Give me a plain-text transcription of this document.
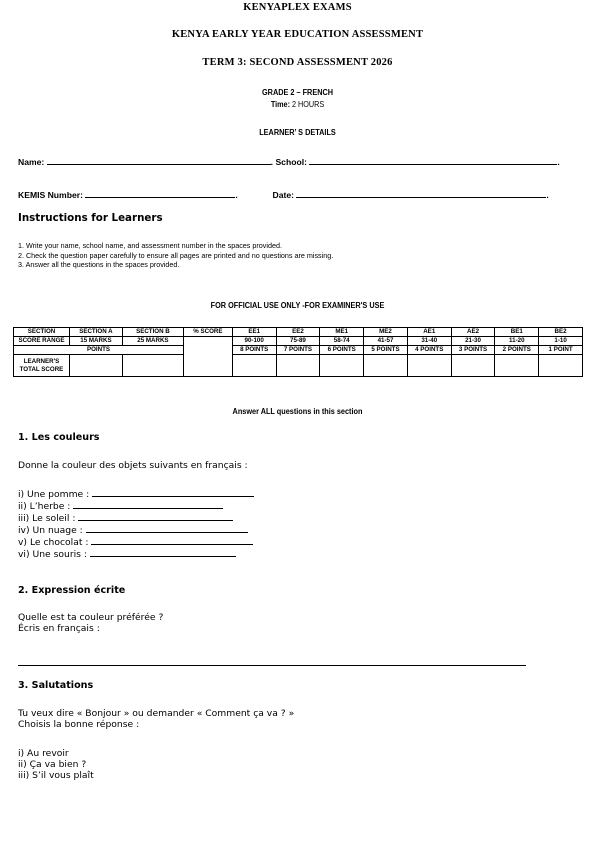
KENYAPLEX EXAMS
KENYA EARLY YEAR EDUCATION ASSESSMENT
TERM 3: SECOND ASSESSMENT 2026
GRADE 2 – FRENCH
Time: 2 HOURS
LEARNER’ S DETAILS
Name:	. School:	.
KEMIS Number:	.	Date:	.
Instructions for Learners
1. Write your name, school name, and assessment number in the spaces provided.
2. Check the question paper carefully to ensure all pages are printed and no questions are missing.
3. Answer all the questions in the spaces provided.
FOR OFFICIAL USE ONLY -FOR EXAMINER'S USE
SECTION	SECTION A	SECTION B	% SCORE	EE1	EE2	ME1	ME2	AE1	AE2	BE1	BE2
SCORE RANGE	15 MARKS	25 MARKS		90-100	75-89	58-74	41-57	31-40	21-30	11-20	1-10
POINTS				8 POINTS	7 POINTS	6 POINTS	5 POINTS	4 POINTS	3 POINTS	2 POINTS	1 POINT
LEARNER'S TOTAL SCORE											
Answer ALL questions in this section
1. Les couleurs
Donne la couleur des objets suivants en français :
i) Une pomme :
ii) L’herbe :
iii) Le soleil :
iv) Un nuage :
v) Le chocolat :
vi) Une souris :
2. Expression écrite
Quelle est ta couleur préférée ?
Écris en français :
3. Salutations
Tu veux dire « Bonjour » ou demander « Comment ça va ? »
Choisis la bonne réponse :
i) Au revoir
ii) Ça va bien ?
iii) S’il vous plaît
